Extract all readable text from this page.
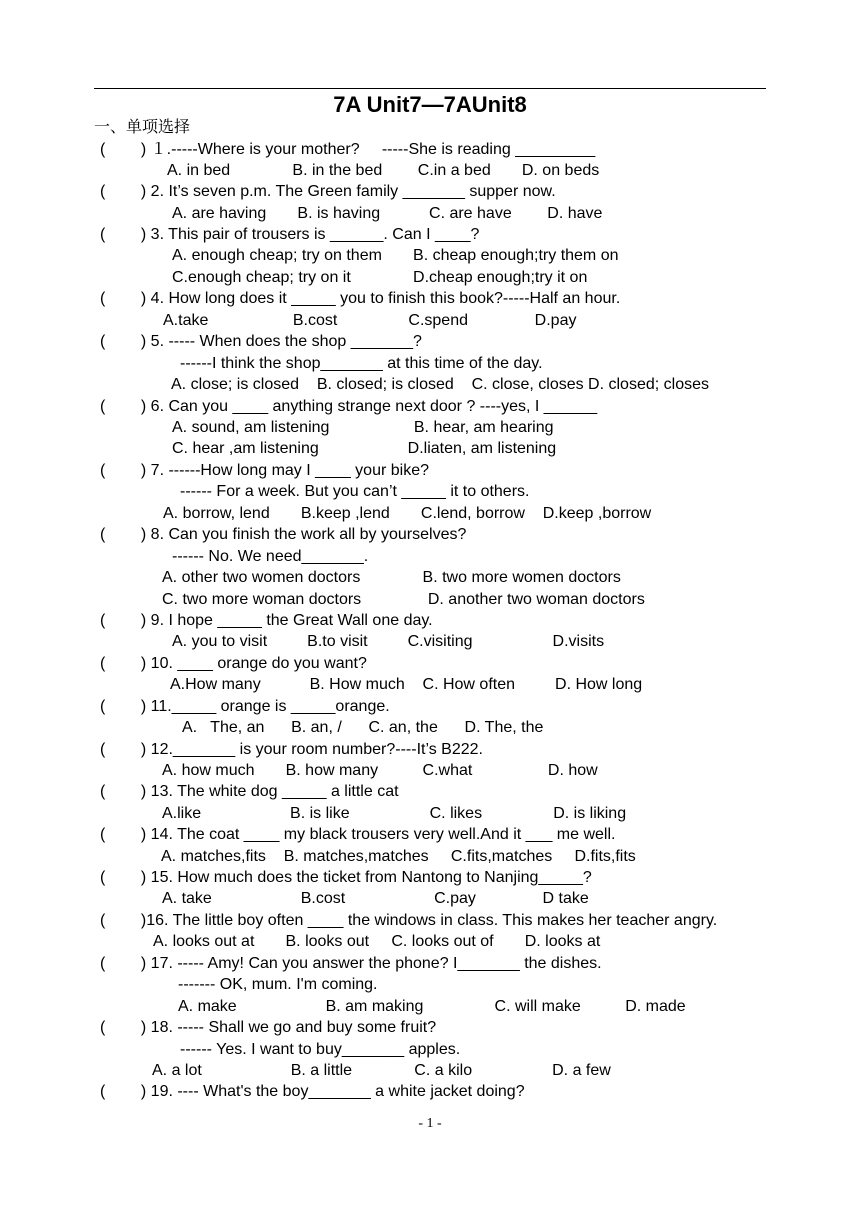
7A Unit7—7AUnit8
一、单项选择
(        ) １.-----Where is your mother?     -----She is reading _________
A. in bed              B. in the bed        C.in a bed       D. on beds
(        ) 2. It’s seven p.m. The Green family _______ supper now.
A. are having       B. is having           C. are have        D. have
(        ) 3. This pair of trousers is ______. Can I ____?
A. enough cheap; try on them       B. cheap enough;try them on
C.enough cheap; try on it              D.cheap enough;try it on
(        ) 4. How long does it _____ you to finish this book?-----Half an hour.
A.take                   B.cost                C.spend               D.pay
(        ) 5. ----- When does the shop _______?
------I think the shop_______ at this time of the day.
A. close; is closed    B. closed; is closed    C. close, closes D. closed; closes
(        ) 6. Can you ____ anything strange next door ? ----yes, I ______
A. sound, am listening                   B. hear, am hearing
C. hear ,am listening                    D.liaten, am listening
(        ) 7. ------How long may I ____ your bike?
------ For a week. But you can’t _____ it to others.
A. borrow, lend       B.keep ,lend       C.lend, borrow    D.keep ,borrow
(        ) 8. Can you finish the work all by yourselves?
------ No. We need_______.
A. other two women doctors              B. two more women doctors
C. two more woman doctors               D. another two woman doctors
(        ) 9. I hope _____ the Great Wall one day.
A. you to visit         B.to visit         C.visiting                  D.visits
(        ) 10. ____ orange do you want?
A.How many           B. How much    C. How often         D. How long
(        ) 11._____ orange is _____orange.
A.   The, an      B. an, /      C. an, the      D. The, the
(        ) 12._______ is your room number?----It’s B222.
A. how much       B. how many          C.what                 D. how
(        ) 13. The white dog _____ a little cat
A.like                    B. is like                  C. likes                D. is liking
(        ) 14. The coat ____ my black trousers very well.And it ___ me well.
A. matches,fits    B. matches,matches     C.fits,matches     D.fits,fits
(        ) 15. How much does the ticket from Nantong to Nanjing_____?
A. take                    B.cost                    C.pay               D take
(        )16. The little boy often ____ the windows in class. This makes her teacher angry.
A. looks out at       B. looks out     C. looks out of       D. looks at
(        ) 17. ----- Amy! Can you answer the phone? I_______ the dishes.
------- OK, mum. I'm coming.
A. make                    B. am making                C. will make          D. made
(        ) 18. ----- Shall we go and buy some fruit?
------ Yes. I want to buy_______ apples.
A. a lot                    B. a little              C. a kilo                  D. a few
(        ) 19. ---- What's the boy_______ a white jacket doing?
- 1 -
